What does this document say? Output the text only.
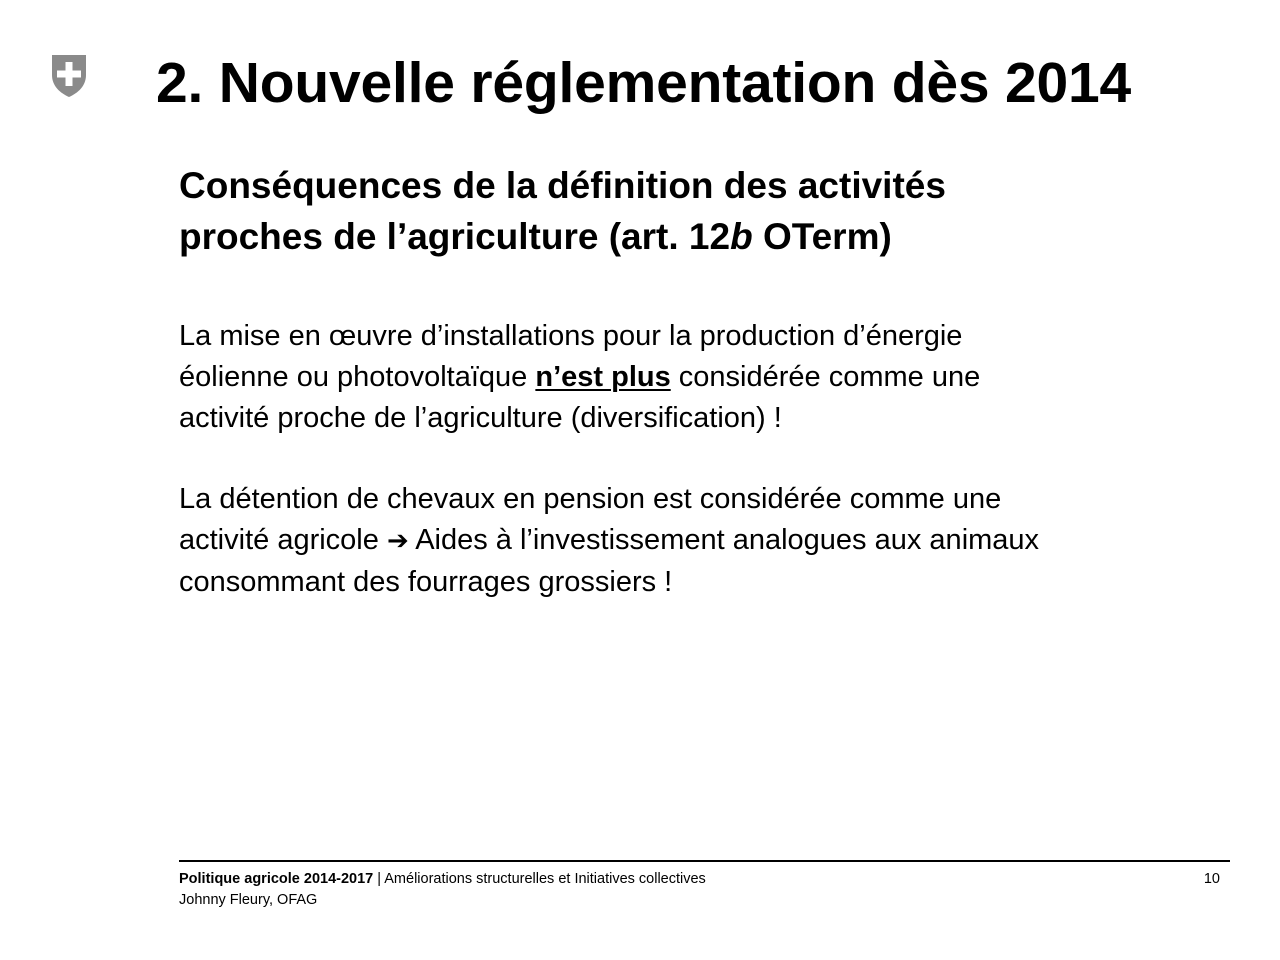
2. Nouvelle réglementation dès 2014
Conséquences de la définition des activités
proches de l’agriculture (art. 12b OTerm)
La mise en œuvre d’installations pour la production d’énergie
éolienne ou photovoltaïque n’est plus considérée comme une
activité proche de l’agriculture (diversification) !
La détention de chevaux en pension est considérée comme une
activité agricole ➔ Aides à l’investissement analogues aux animaux
consommant des fourrages grossiers !
Politique agricole 2014-2017 | Améliorations structurelles et Initiatives collectives
Johnny Fleury, OFAG
10
